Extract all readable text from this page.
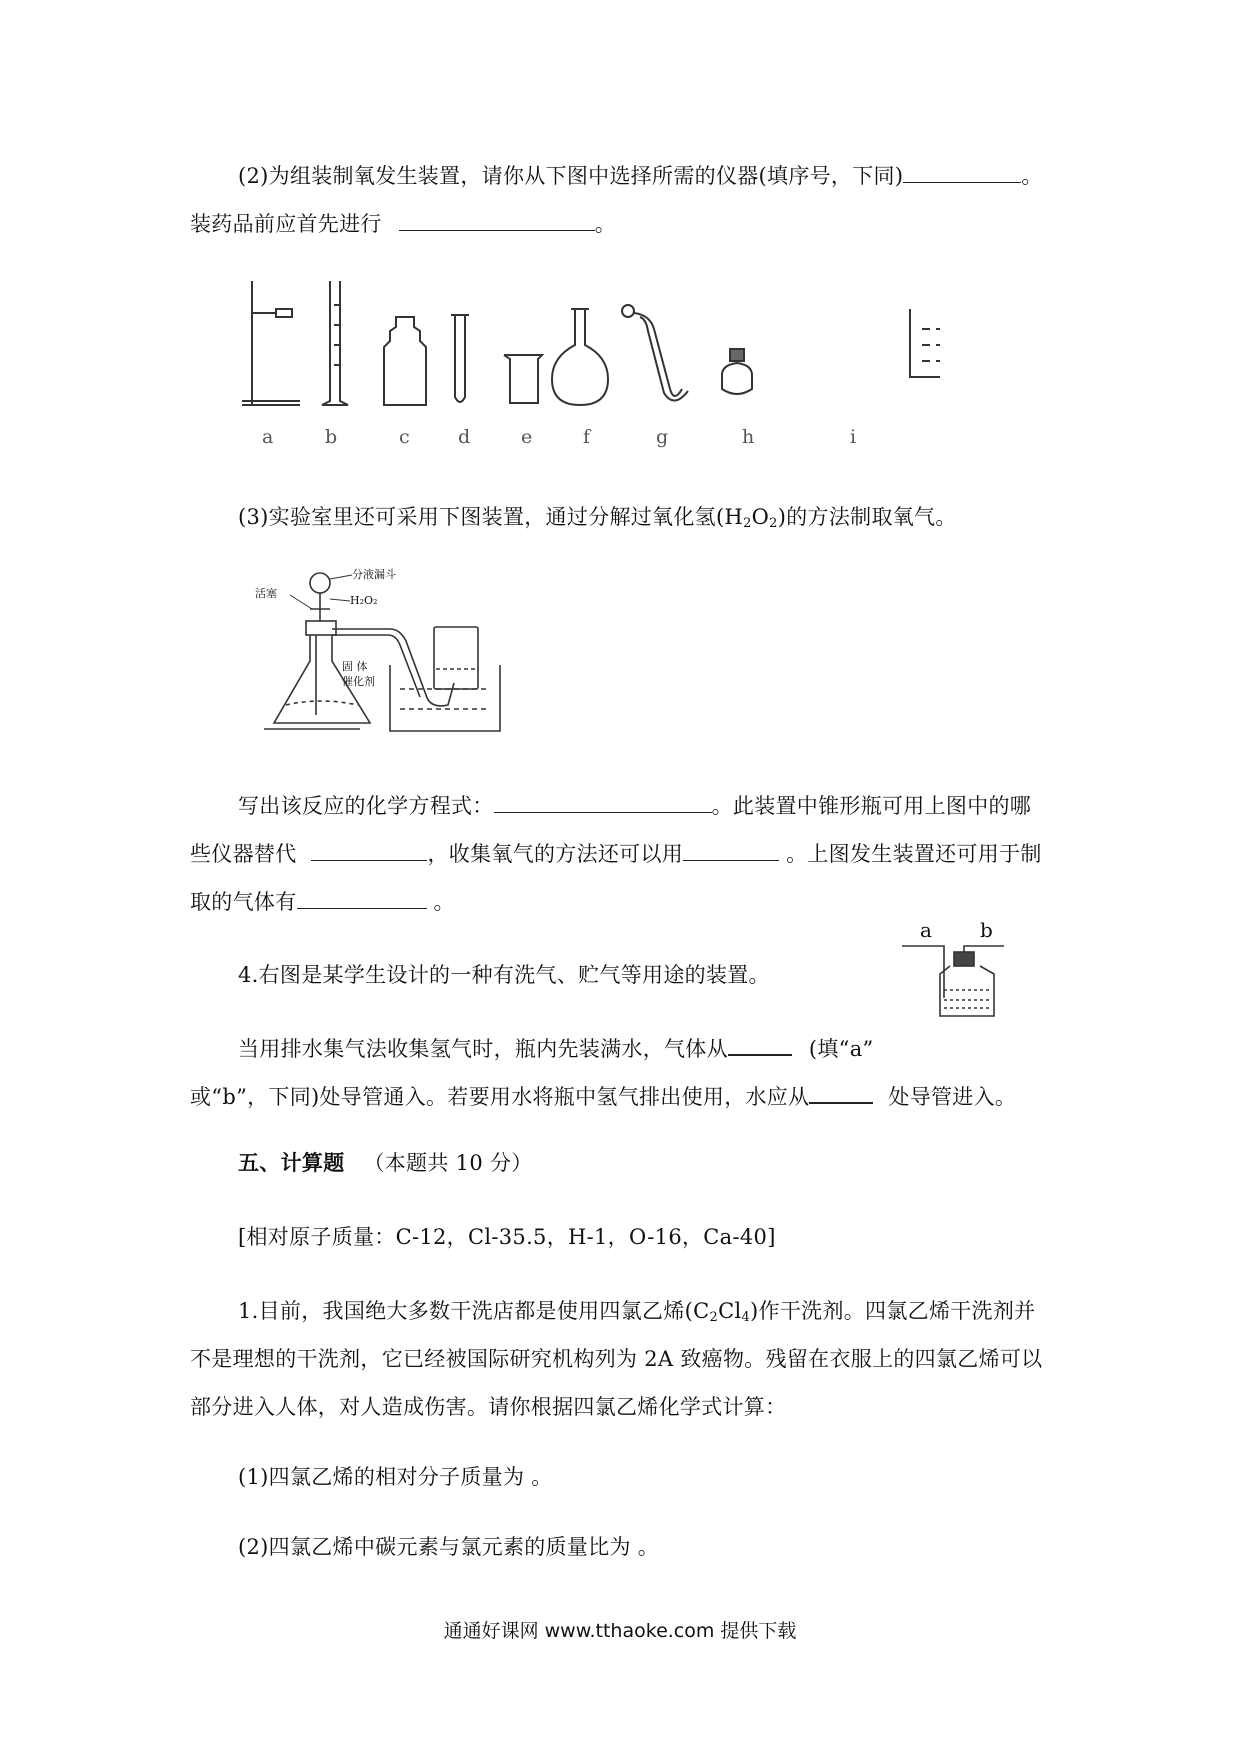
(2)为组装制氧发生装置，请你从下图中选择所需的仪器(填序号，下同)	。
装药品前应首先进行	。
a	b	c	d	e	f	g	h	i
(3)实验室里还可采用下图装置，通过分解过氧化氢$(H_2O_2)$的方法制取氧气。
活塞
分液漏斗
H₂O₂
固 体
催化剂
写出该反应的化学方程式：	。此装置中锥形瓶可用上图中的哪
些仪器替代	，收集氧气的方法还可以用	。上图发生装置还可用于制
取的气体有	。
a b
4.右图是某学生设计的一种有洗气、贮气等用途的装置。
当用排水集气法收集氢气时，瓶内先装满水，气体从	(填“a”
或“b”，下同)处导管通入。若要用水将瓶中氢气排出使用，水应从	处导管进入。
五、计算题 （本题共 10 分）
[相对原子质量：C-12，Cl-35.5，H-1，O-16，Ca-40]
1.目前，我国绝大多数干洗店都是使用四氯乙烯$(C_2Cl_4)$作干洗剂。四氯乙烯干洗剂并
不是理想的干洗剂，它已经被国际研究机构列为 2A 致癌物。残留在衣服上的四氯乙烯可以
部分进入人体，对人造成伤害。请你根据四氯乙烯化学式计算：
(1)四氯乙烯的相对分子质量为 。
(2)四氯乙烯中碳元素与氯元素的质量比为 。
通通好课网 www.tthaoke.com 提供下载
